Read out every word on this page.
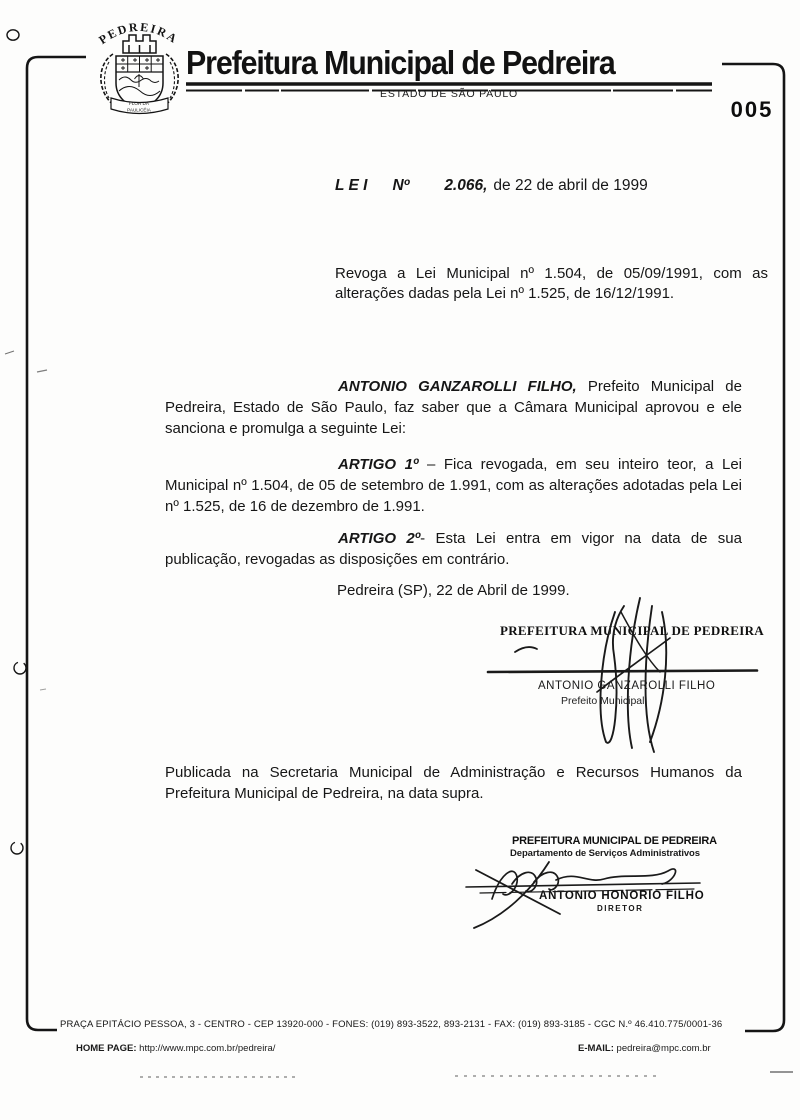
PEDREIRA
FLOR DA
PAULICÉIA
Prefeitura Municipal de Pedreira
ESTADO DE SÃO PAULO
005
L E I Nº 2.066, de 22 de abril de 1999
Revoga a Lei Municipal nº 1.504, de 05/09/1991, com as alterações dadas pela Lei nº 1.525, de 16/12/1991.
ANTONIO GANZAROLLI FILHO, Prefeito Municipal de Pedreira, Estado de São Paulo, faz saber que a Câmara Municipal aprovou e ele sanciona e promulga a seguinte Lei:
ARTIGO 1º – Fica revogada, em seu inteiro teor, a Lei Municipal nº 1.504, de 05 de setembro de 1.991, com as alterações adotadas pela Lei nº 1.525, de 16 de dezembro de 1.991.
ARTIGO 2º- Esta Lei entra em vigor na data de sua publicação, revogadas as disposições em contrário.
Pedreira (SP), 22 de Abril de 1999.
PREFEITURA MUNICIPAL DE PEDREIRA
ANTONIO GANZAROLLI FILHO
Prefeito Municipal
Publicada na Secretaria Municipal de Administração e Recursos Humanos da Prefeitura Municipal de Pedreira, na data supra.
PREFEITURA MUNICIPAL DE PEDREIRA
Departamento de Serviços Administrativos
ANTONIO HONORIO FILHO
DIRETOR
PRAÇA EPITÁCIO PESSOA, 3 - CENTRO - CEP 13920-000 - FONES: (019) 893-3522, 893-2131 - FAX: (019) 893-3185 - CGC N.º 46.410.775/0001-36
HOME PAGE: http://www.mpc.com.br/pedreira/	E-MAIL: pedreira@mpc.com.br
